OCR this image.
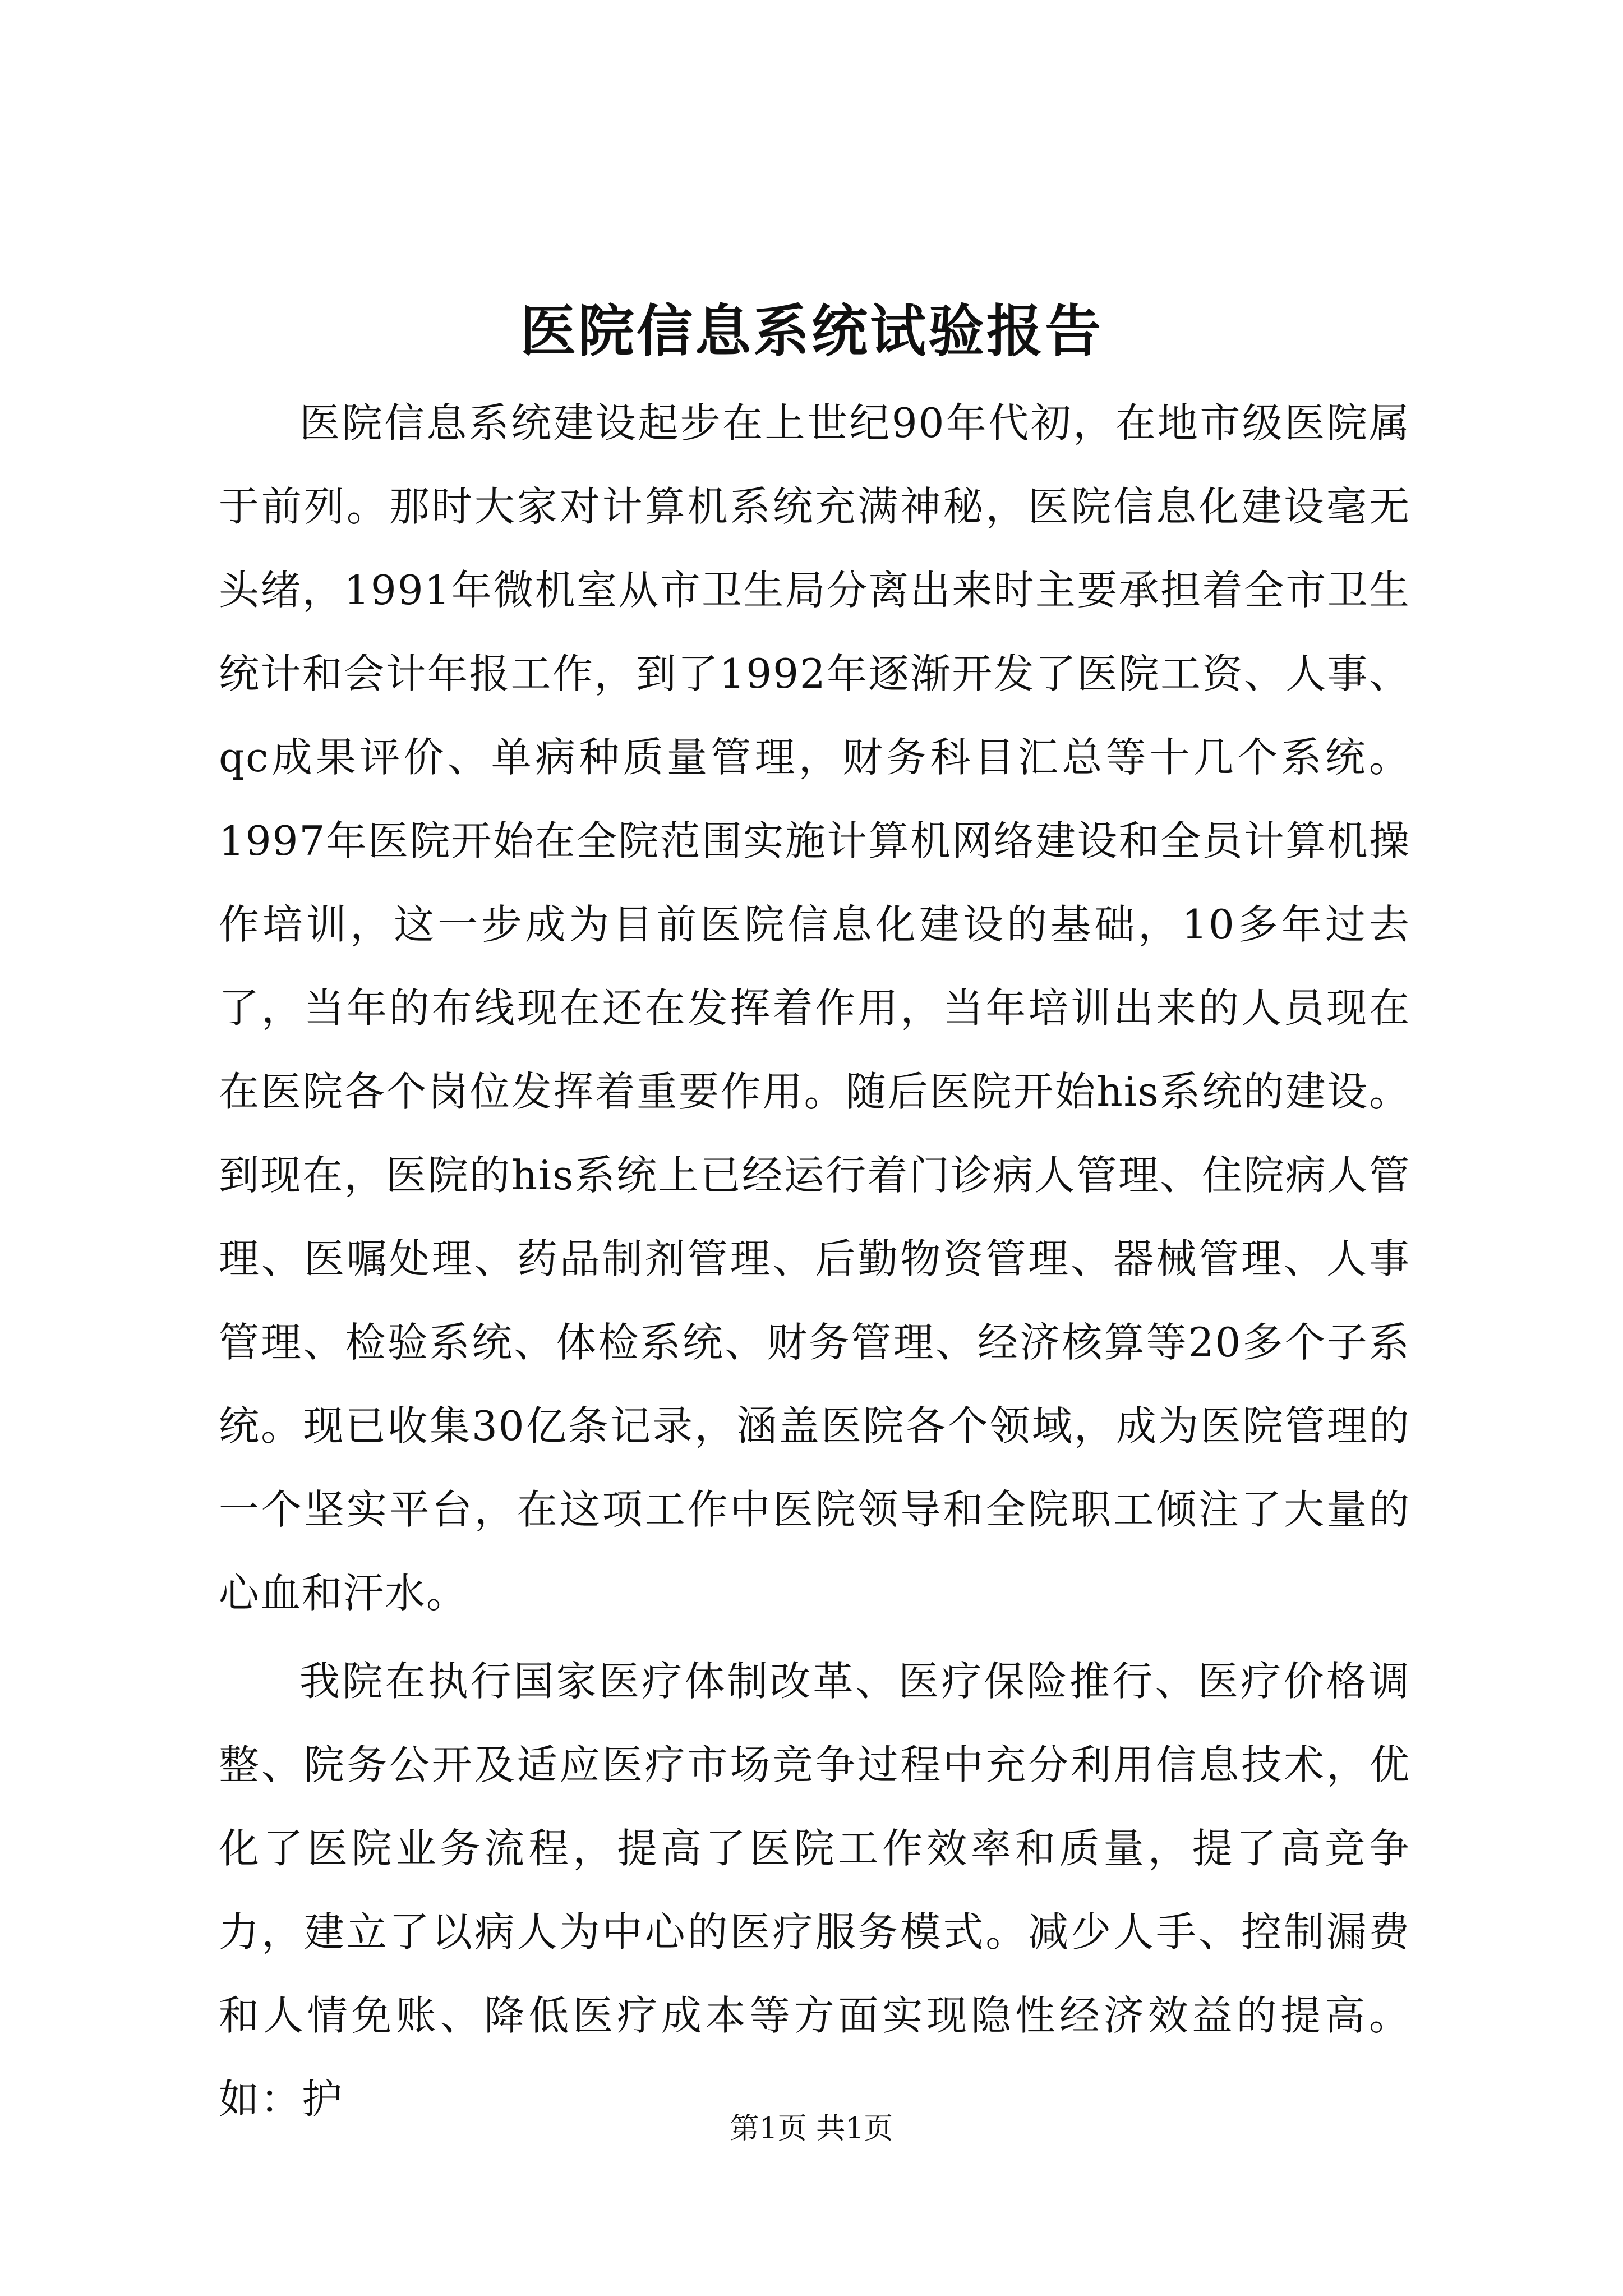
医院信息系统试验报告

医院信息系统建设起步在上世纪90年代初，在地市级医院属于前列。那时大家对计算机系统充满神秘，医院信息化建设毫无头绪，1991年微机室从市卫生局分离出来时主要承担着全市卫生统计和会计年报工作，到了1992年逐渐开发了医院工资、人事、qc成果评价、单病种质量管理，财务科目汇总等十几个系统。1997年医院开始在全院范围实施计算机网络建设和全员计算机操作培训，这一步成为目前医院信息化建设的基础，10多年过去了，当年的布线现在还在发挥着作用，当年培训出来的人员现在在医院各个岗位发挥着重要作用。随后医院开始his系统的建设。到现在，医院的his系统上已经运行着门诊病人管理、住院病人管理、医嘱处理、药品制剂管理、后勤物资管理、器械管理、人事管理、检验系统、体检系统、财务管理、经济核算等20多个子系统。现已收集30亿条记录，涵盖医院各个领域，成为医院管理的一个坚实平台，在这项工作中医院领导和全院职工倾注了大量的心血和汗水。

我院在执行国家医疗体制改革、医疗保险推行、医疗价格调整、院务公开及适应医疗市场竞争过程中充分利用信息技术，优化了医院业务流程，提高了医院工作效率和质量，提了高竞争力，建立了以病人为中心的医疗服务模式。减少人手、控制漏费和人情免账、降低医疗成本等方面实现隐性经济效益的提高。如：护

第1页 共1页
